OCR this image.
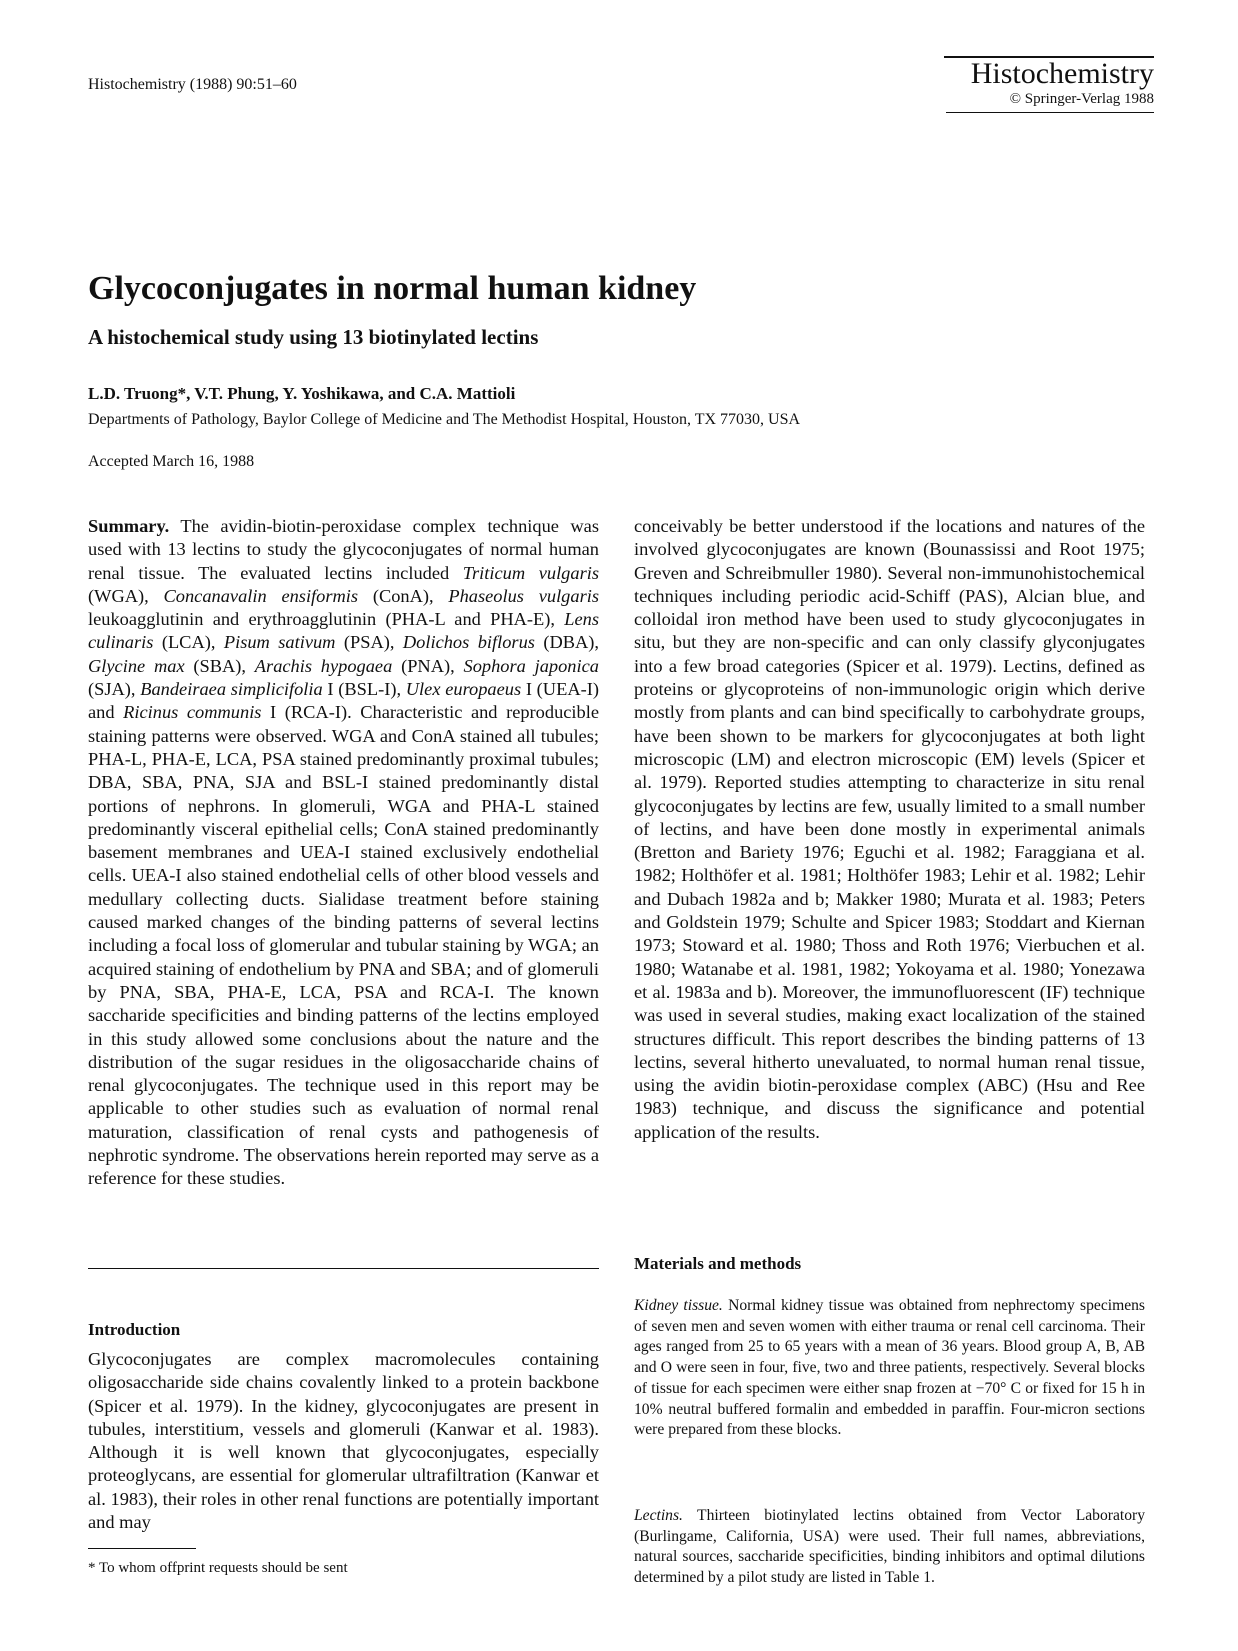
Histochemistry (1988) 90:51–60	Histochemistry
© Springer-Verlag 1988
Glycoconjugates in normal human kidney
A histochemical study using 13 biotinylated lectins
L.D. Truong*, V.T. Phung, Y. Yoshikawa, and C.A. Mattioli
Departments of Pathology, Baylor College of Medicine and The Methodist Hospital, Houston, TX 77030, USA
Accepted March 16, 1988

Summary. The avidin-biotin-peroxidase complex technique was used with 13 lectins to study the glycoconjugates of normal human renal tissue. The evaluated lectins included Triticum vulgaris (WGA), Concanavalin ensiformis (ConA), Phaseolus vulgaris leukoagglutinin and erythroagglutinin (PHA-L and PHA-E), Lens culinaris (LCA), Pisum sativum (PSA), Dolichos biflorus (DBA), Glycine max (SBA), Arachis hypogaea (PNA), Sophora japonica (SJA), Bandeiraea simplicifolia I (BSL-I), Ulex europaeus I (UEA-I) and Ricinus communis I (RCA-I). Characteristic and reproducible staining patterns were observed. WGA and ConA stained all tubules; PHA-L, PHA-E, LCA, PSA stained predominantly proximal tubules; DBA, SBA, PNA, SJA and BSL-I stained predominantly distal portions of nephrons. In glomeruli, WGA and PHA-L stained predominantly visceral epithelial cells; ConA stained predominantly basement membranes and UEA-I stained exclusively endothelial cells. UEA-I also stained endothelial cells of other blood vessels and medullary collecting ducts. Sialidase treatment before staining caused marked changes of the binding patterns of several lectins including a focal loss of glomerular and tubular staining by WGA; an acquired staining of endothelium by PNA and SBA; and of glomeruli by PNA, SBA, PHA-E, LCA, PSA and RCA-I. The known saccharide specificities and binding patterns of the lectins employed in this study allowed some conclusions about the nature and the distribution of the sugar residues in the oligosaccharide chains of renal glycoconjugates. The technique used in this report may be applicable to other studies such as evaluation of normal renal maturation, classification of renal cysts and pathogenesis of nephrotic syndrome. The observations herein reported may serve as a reference for these studies.

Introduction

Glycoconjugates are complex macromolecules containing oligosaccharide side chains covalently linked to a protein backbone (Spicer et al. 1979). In the kidney, glycoconjugates are present in tubules, interstitium, vessels and glomeruli (Kanwar et al. 1983). Although it is well known that glycoconjugates, especially proteoglycans, are essential for glomerular ultrafiltration (Kanwar et al. 1983), their roles in other renal functions are potentially important and may

* To whom offprint requests should be sent

conceivably be better understood if the locations and natures of the involved glycoconjugates are known (Bounassissi and Root 1975; Greven and Schreibmuller 1980). Several non-immunohistochemical techniques including periodic acid-Schiff (PAS), Alcian blue, and colloidal iron method have been used to study glycoconjugates in situ, but they are non-specific and can only classify glyconjugates into a few broad categories (Spicer et al. 1979). Lectins, defined as proteins or glycoproteins of non-immunologic origin which derive mostly from plants and can bind specifically to carbohydrate groups, have been shown to be markers for glycoconjugates at both light microscopic (LM) and electron microscopic (EM) levels (Spicer et al. 1979). Reported studies attempting to characterize in situ renal glycoconjugates by lectins are few, usually limited to a small number of lectins, and have been done mostly in experimental animals (Bretton and Bariety 1976; Eguchi et al. 1982; Faraggiana et al. 1982; Holthöfer et al. 1981; Holthöfer 1983; Lehir et al. 1982; Lehir and Dubach 1982a and b; Makker 1980; Murata et al. 1983; Peters and Goldstein 1979; Schulte and Spicer 1983; Stoddart and Kiernan 1973; Stoward et al. 1980; Thoss and Roth 1976; Vierbuchen et al. 1980; Watanabe et al. 1981, 1982; Yokoyama et al. 1980; Yonezawa et al. 1983a and b). Moreover, the immunofluorescent (IF) technique was used in several studies, making exact localization of the stained structures difficult. This report describes the binding patterns of 13 lectins, several hitherto unevaluated, to normal human renal tissue, using the avidin biotin-peroxidase complex (ABC) (Hsu and Ree 1983) technique, and discuss the significance and potential application of the results.

Materials and methods

Kidney tissue. Normal kidney tissue was obtained from nephrectomy specimens of seven men and seven women with either trauma or renal cell carcinoma. Their ages ranged from 25 to 65 years with a mean of 36 years. Blood group A, B, AB and O were seen in four, five, two and three patients, respectively. Several blocks of tissue for each specimen were either snap frozen at −70° C or fixed for 15 h in 10% neutral buffered formalin and embedded in paraffin. Four-micron sections were prepared from these blocks.

Lectins. Thirteen biotinylated lectins obtained from Vector Laboratory (Burlingame, California, USA) were used. Their full names, abbreviations, natural sources, saccharide specificities, binding inhibitors and optimal dilutions determined by a pilot study are listed in Table 1.
